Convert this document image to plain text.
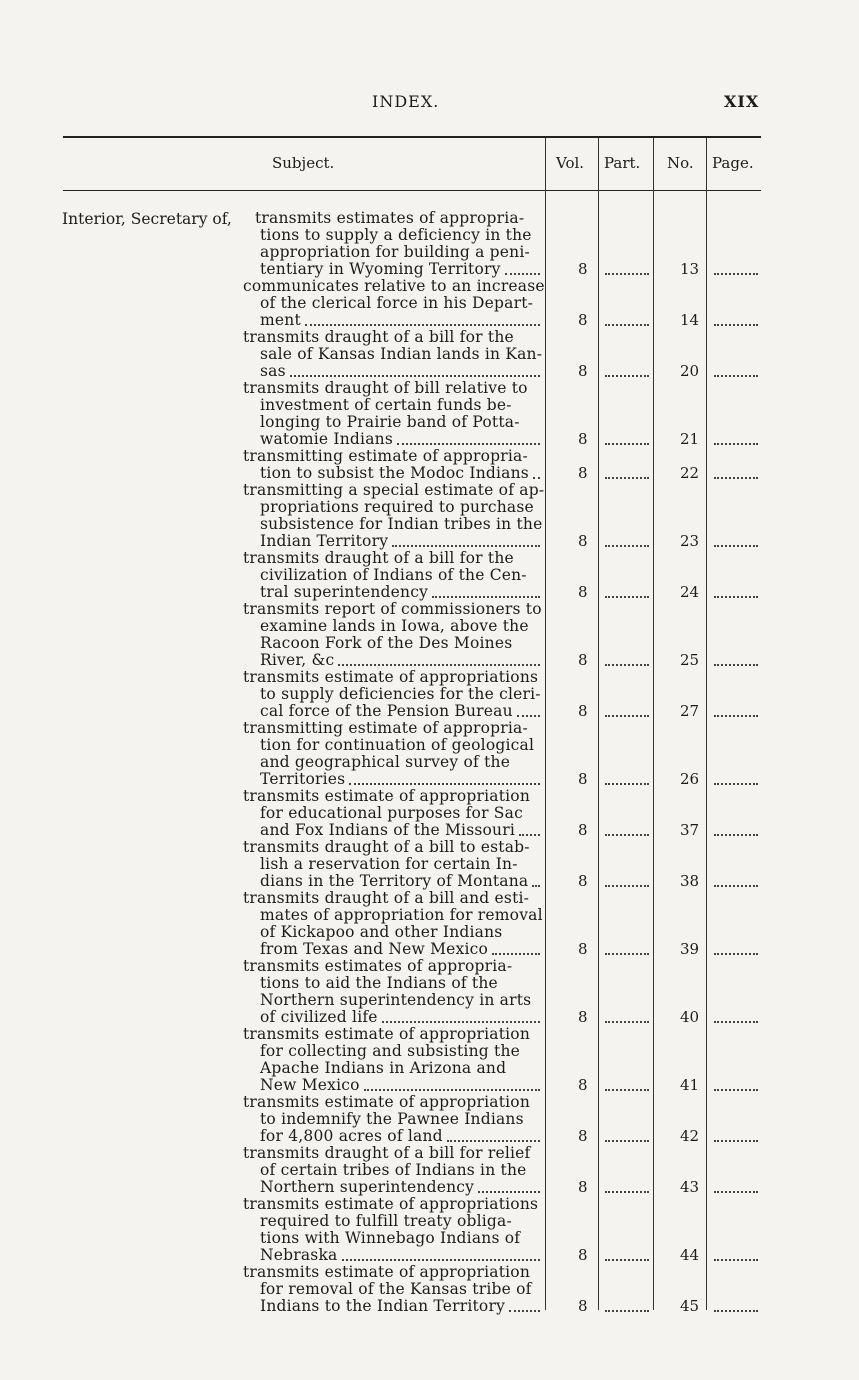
INDEX.	XIX
Subject.	Vol. Part. No. Page.
Interior, Secretary of, transmits estimates of appropria-
tions to supply a deficiency in the
appropriation for building a peni-
tentiary in Wyoming Territory	8	13
communicates relative to an increase
of the clerical force in his Depart-
ment	8	14
transmits draught of a bill for the
sale of Kansas Indian lands in Kan-
sas	8	20
transmits draught of bill relative to
investment of certain funds be-
longing to Prairie band of Potta-
watomie Indians	8	21
transmitting estimate of appropria-
tion to subsist the Modoc Indians	8	22
transmitting a special estimate of ap-
propriations required to purchase
subsistence for Indian tribes in the
Indian Territory	8	23
transmits draught of a bill for the
civilization of Indians of the Cen-
tral superintendency	8	24
transmits report of commissioners to
examine lands in Iowa, above the
Racoon Fork of the Des Moines
River, &c	8	25
transmits estimate of appropriations
to supply deficiencies for the cleri-
cal force of the Pension Bureau	8	27
transmitting estimate of appropria-
tion for continuation of geological
and geographical survey of the
Territories	8	26
transmits estimate of appropriation
for educational purposes for Sac
and Fox Indians of the Missouri	8	37
transmits draught of a bill to estab-
lish a reservation for certain In-
dians in the Territory of Montana	8	38
transmits draught of a bill and esti-
mates of appropriation for removal
of Kickapoo and other Indians
from Texas and New Mexico	8	39
transmits estimates of appropria-
tions to aid the Indians of the
Northern superintendency in arts
of civilized life	8	40
transmits estimate of appropriation
for collecting and subsisting the
Apache Indians in Arizona and
New Mexico	8	41
transmits estimate of appropriation
to indemnify the Pawnee Indians
for 4,800 acres of land	8	42
transmits draught of a bill for relief
of certain tribes of Indians in the
Northern superintendency	8	43
transmits estimate of appropriations
required to fulfill treaty obliga-
tions with Winnebago Indians of
Nebraska	8	44
transmits estimate of appropriation
for removal of the Kansas tribe of
Indians to the Indian Territory	8	45
